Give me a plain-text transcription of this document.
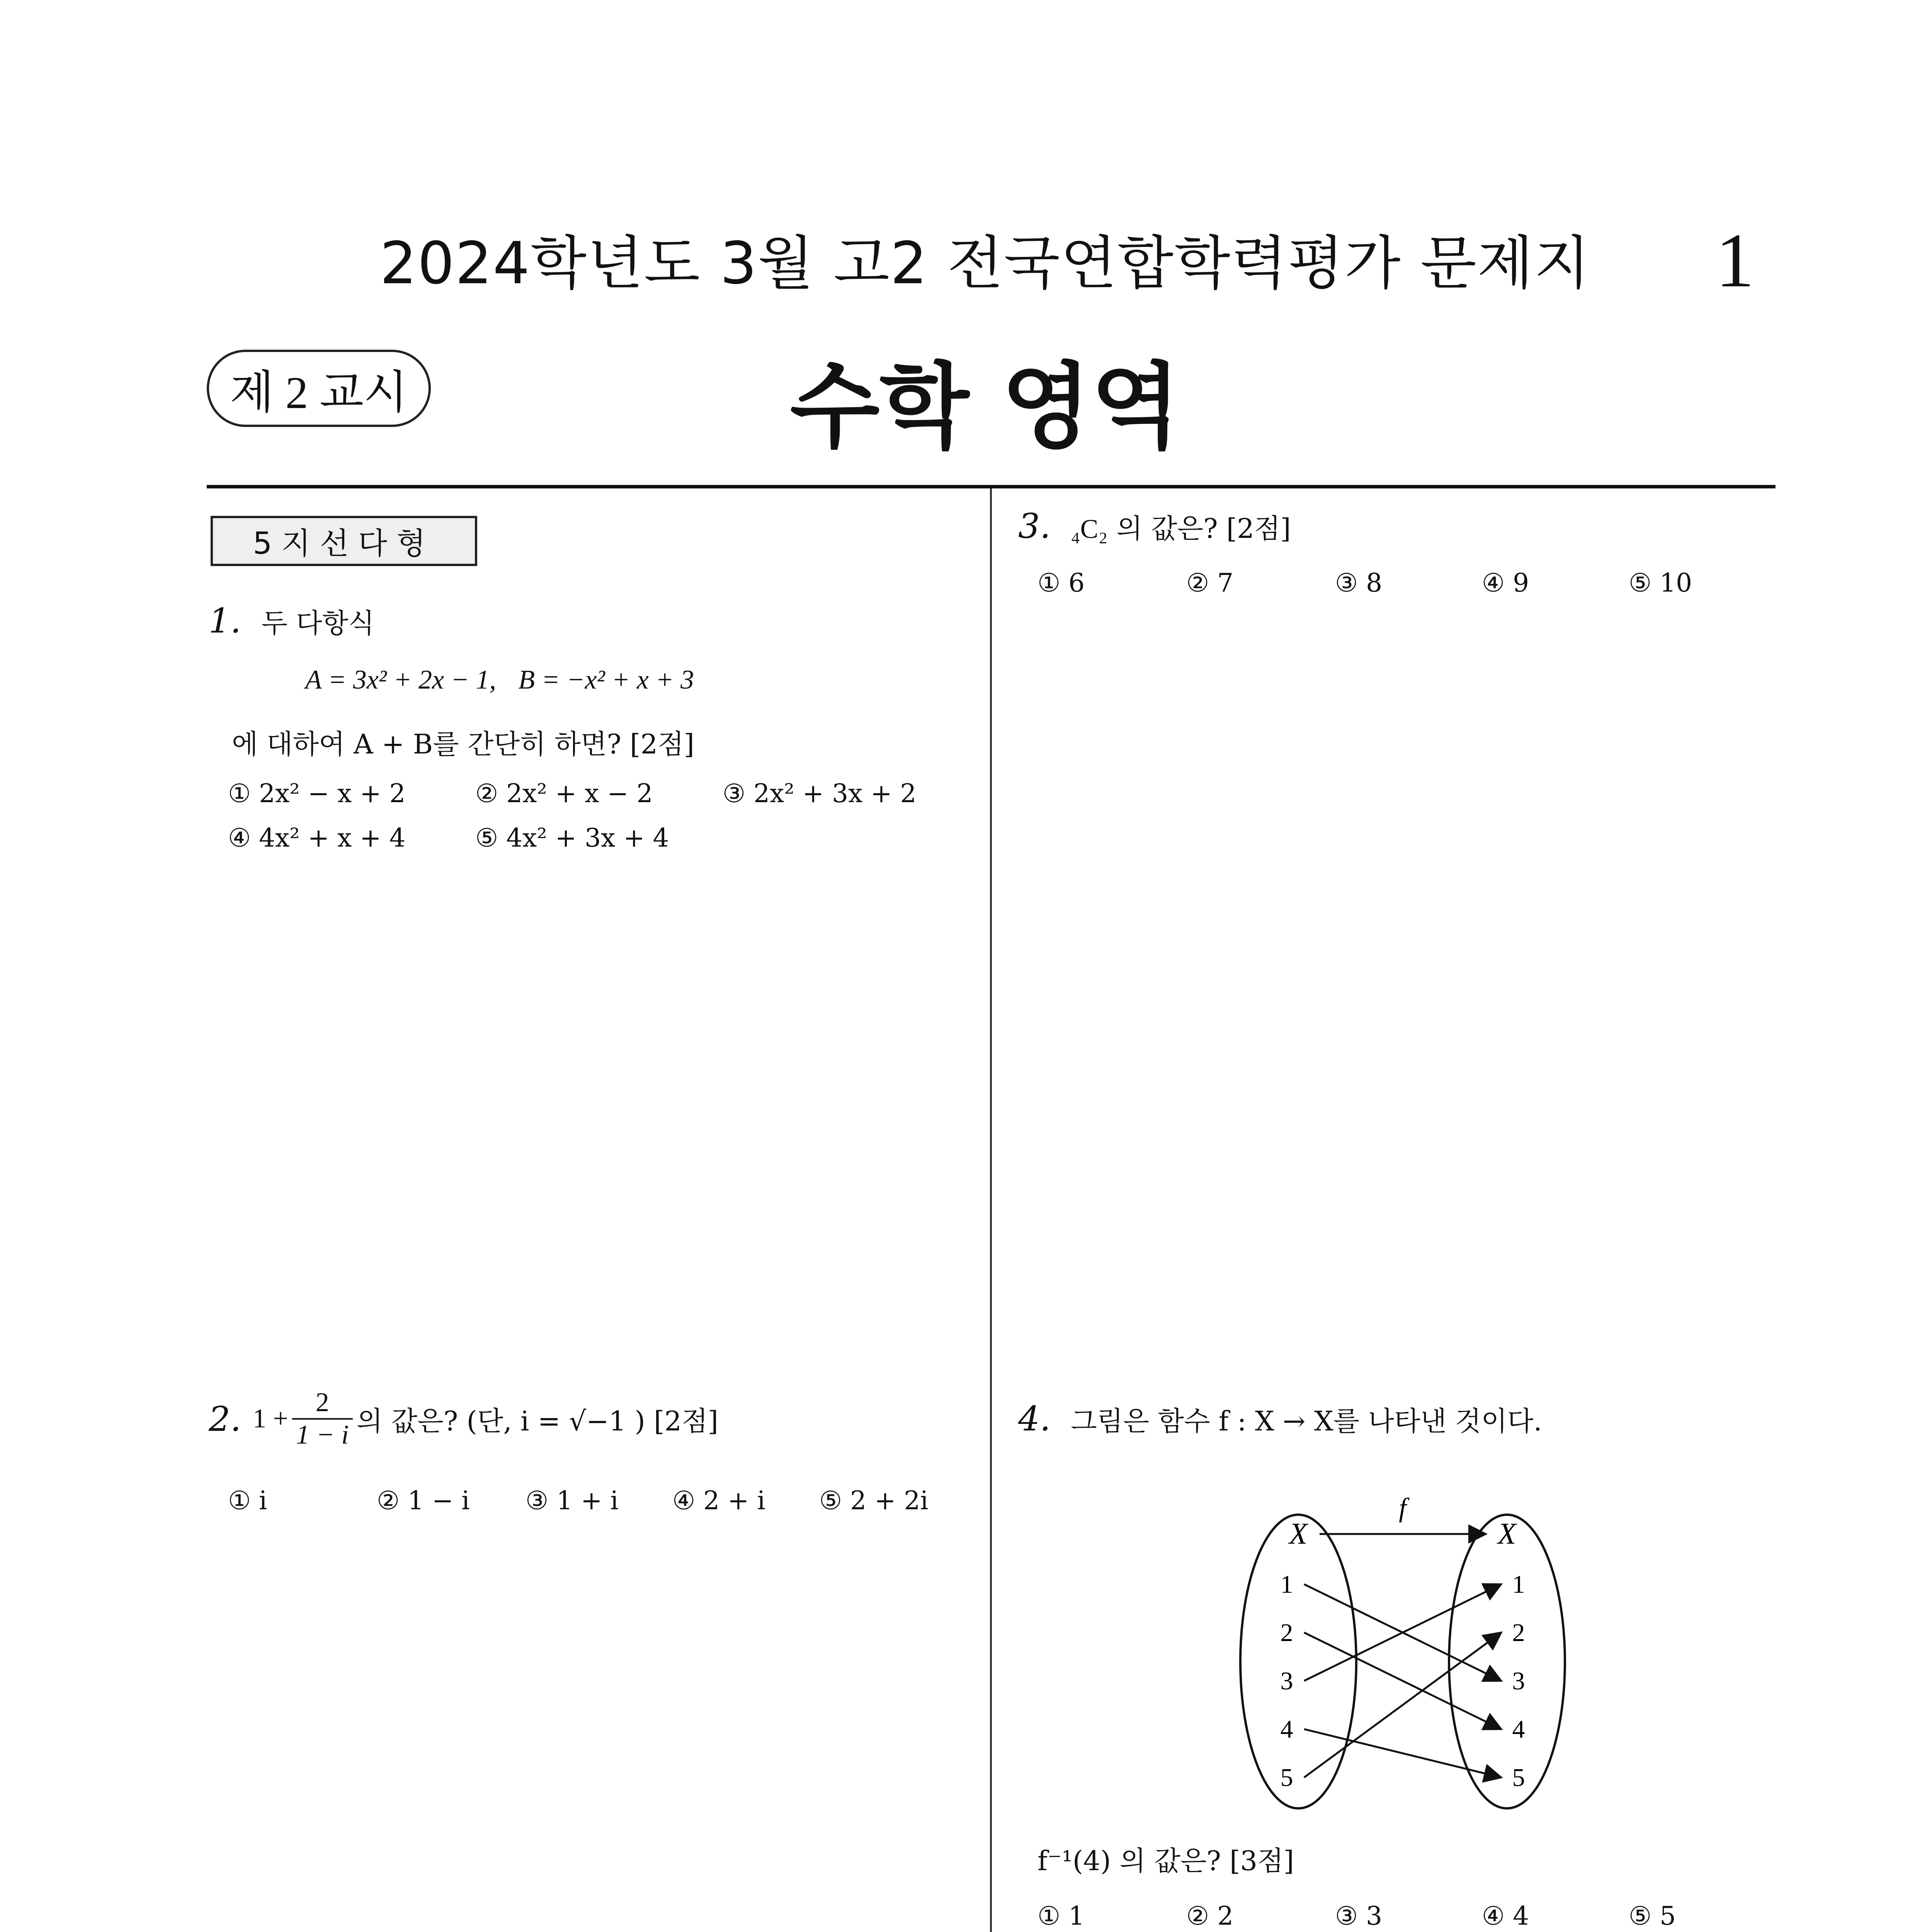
2024학년도 3월 고2 전국연합학력평가 문제지	1
제 2 교시	수학 영역
5지선다형
1. 두 다항식
A = 3x² + 2x − 1, B = −x² + x + 3
에 대하여 A + B를 간단히 하면? [2점]
① 2x² − x + 2	② 2x² + x − 2	③ 2x² + 3x + 2
④ 4x² + x + 4	⑤ 4x² + 3x + 4
2. $1 + \frac{2}{1 - i}$ 의 값은? (단, i = √−1 ) [2점]
① i	② 1 − i ③ 1 + i ④ 2 + i ⑤ 2 + 2i
3. ₄C₂ 의 값은? [2점]
① 6	② 7	③ 8	④ 9	⑤ 10
4. 그림은 함수 f : X → X를 나타낸 것이다.
X	X
f
1
2
3
4
5
1
2
3
4
5
f⁻¹(4) 의 값은? [3점]
① 1	② 2	③ 3	④ 4	⑤ 5
